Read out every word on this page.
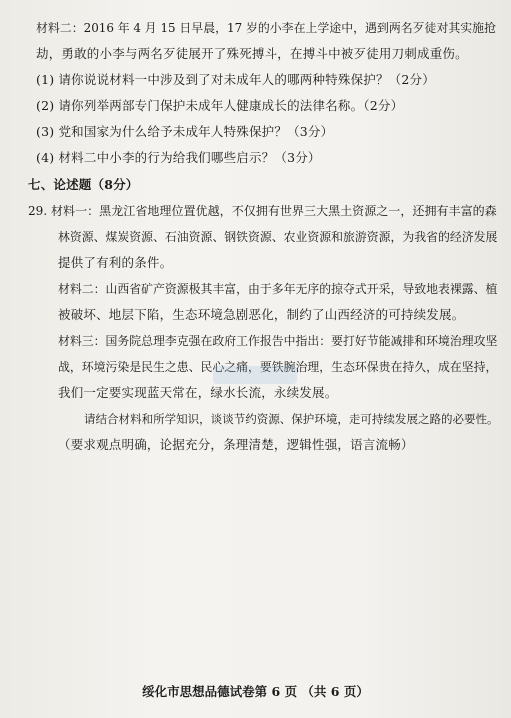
材料二：2016 年 4 月 15 日早晨，17 岁的小李在上学途中，遇到两名歹徒对其实施抢
劫，勇敢的小李与两名歹徒展开了殊死搏斗，在搏斗中被歹徒用刀刺成重伤。
(1) 请你说说材料一中涉及到了对未成年人的哪两种特殊保护？（2分）
(2) 请你列举两部专门保护未成年人健康成长的法律名称。（2分）
(3) 党和国家为什么给予未成年人特殊保护？（3分）
(4) 材料二中小李的行为给我们哪些启示？（3分）
七、论述题（8分）
29. 材料一：黑龙江省地理位置优越，不仅拥有世界三大黑土资源之一，还拥有丰富的森
林资源、煤炭资源、石油资源、钢铁资源、农业资源和旅游资源，为我省的经济发展
提供了有利的条件。
材料二：山西省矿产资源极其丰富，由于多年无序的掠夺式开采，导致地表裸露、植
被破坏、地层下陷，生态环境急剧恶化，制约了山西经济的可持续发展。
材料三：国务院总理李克强在政府工作报告中指出：要打好节能减排和环境治理攻坚
战，环境污染是民生之患、民心之痛，要铁腕治理，生态环保贵在持久，成在坚持，
我们一定要实现蓝天常在，绿水长流，永续发展。
请结合材料和所学知识，谈谈节约资源、保护环境，走可持续发展之路的必要性。
（要求观点明确，论据充分，条理清楚，逻辑性强，语言流畅）
绥化市思想品德试卷第 6 页 （共 6 页）
